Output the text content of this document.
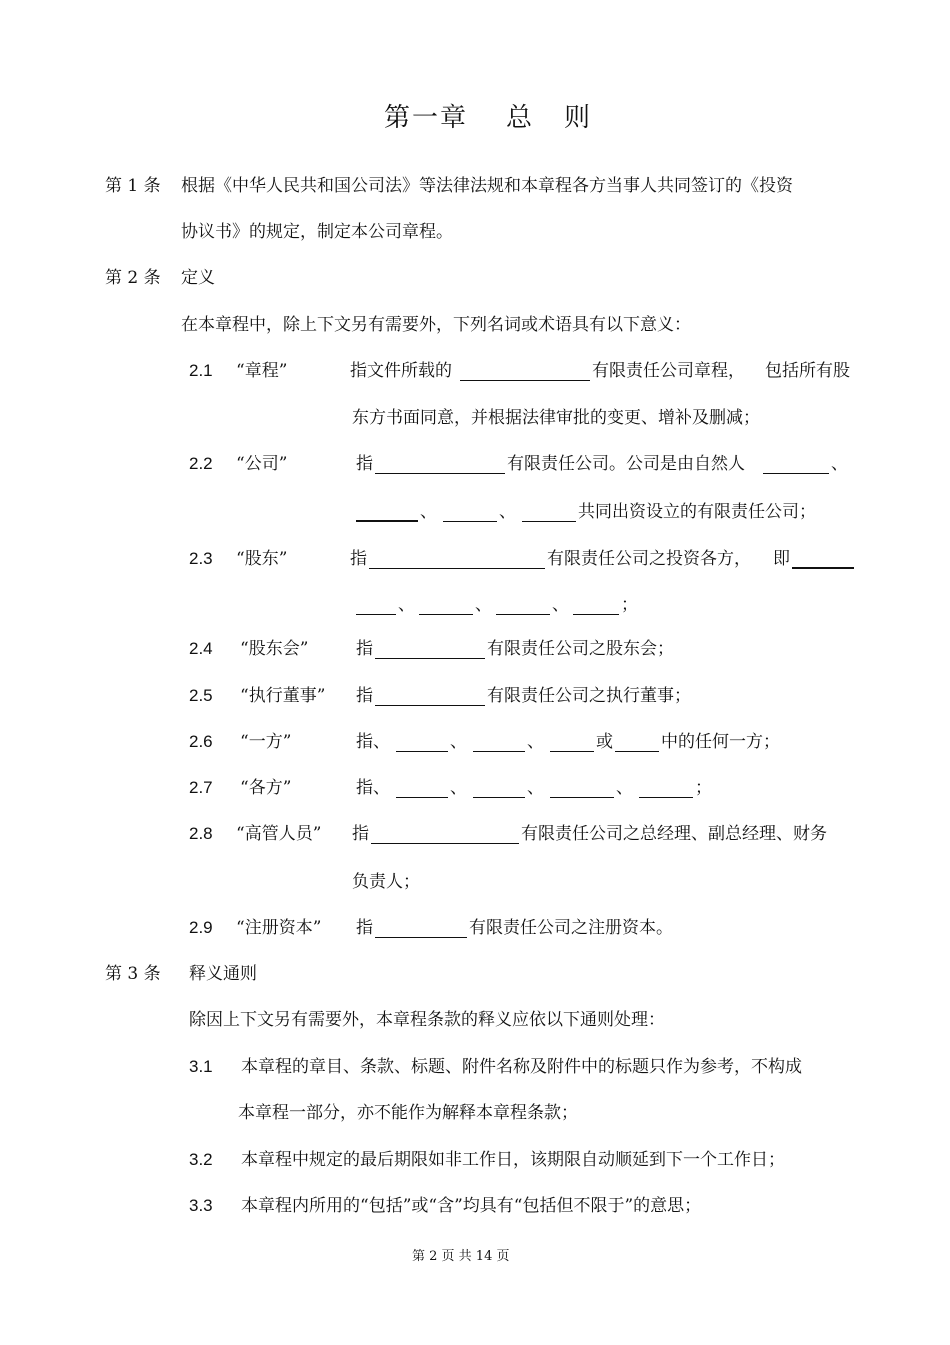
第一章 总 则
第 1 条 根据《中华人民共和国公司法》等法律法规和本章程各方当事人共同签订的《投资
协议书》的规定，制定本公司章程。
第 2 条 定义
在本章程中，除上下文另有需要外，下列名词或术语具有以下意义：
2.1 “章程”	指文件所载的	有限责任公司章程， 包括所有股
东方书面同意，并根据法律审批的变更、增补及删减；
2.2 “公司”	指	有限责任公司。公司是由自然人	、
、	、	共同出资设立的有限责任公司；
2.3 “股东”	指	有限责任公司之投资各方， 即
、	、	、	；
2.4 “股东会”	指	有限责任公司之股东会；
2.5 “执行董事” 指	有限责任公司之执行董事；
2.6 “一方”	指、	、	、	或	中的任何一方；
2.7 “各方”	指、	、	、	、	；
2.8 “高管人员” 指	有限责任公司之总经理、副总经理、财务
负责人；
2.9 “注册资本” 指	有限责任公司之注册资本。
第 3 条 释义通则
除因上下文另有需要外，本章程条款的释义应依以下通则处理：
3.1 本章程的章目、条款、标题、附件名称及附件中的标题只作为参考，不构成
本章程一部分，亦不能作为解释本章程条款；
3.2 本章程中规定的最后期限如非工作日，该期限自动顺延到下一个工作日；
3.3 本章程内所用的“包括”或“含”均具有“包括但不限于”的意思；
第 2 页 共 14 页
